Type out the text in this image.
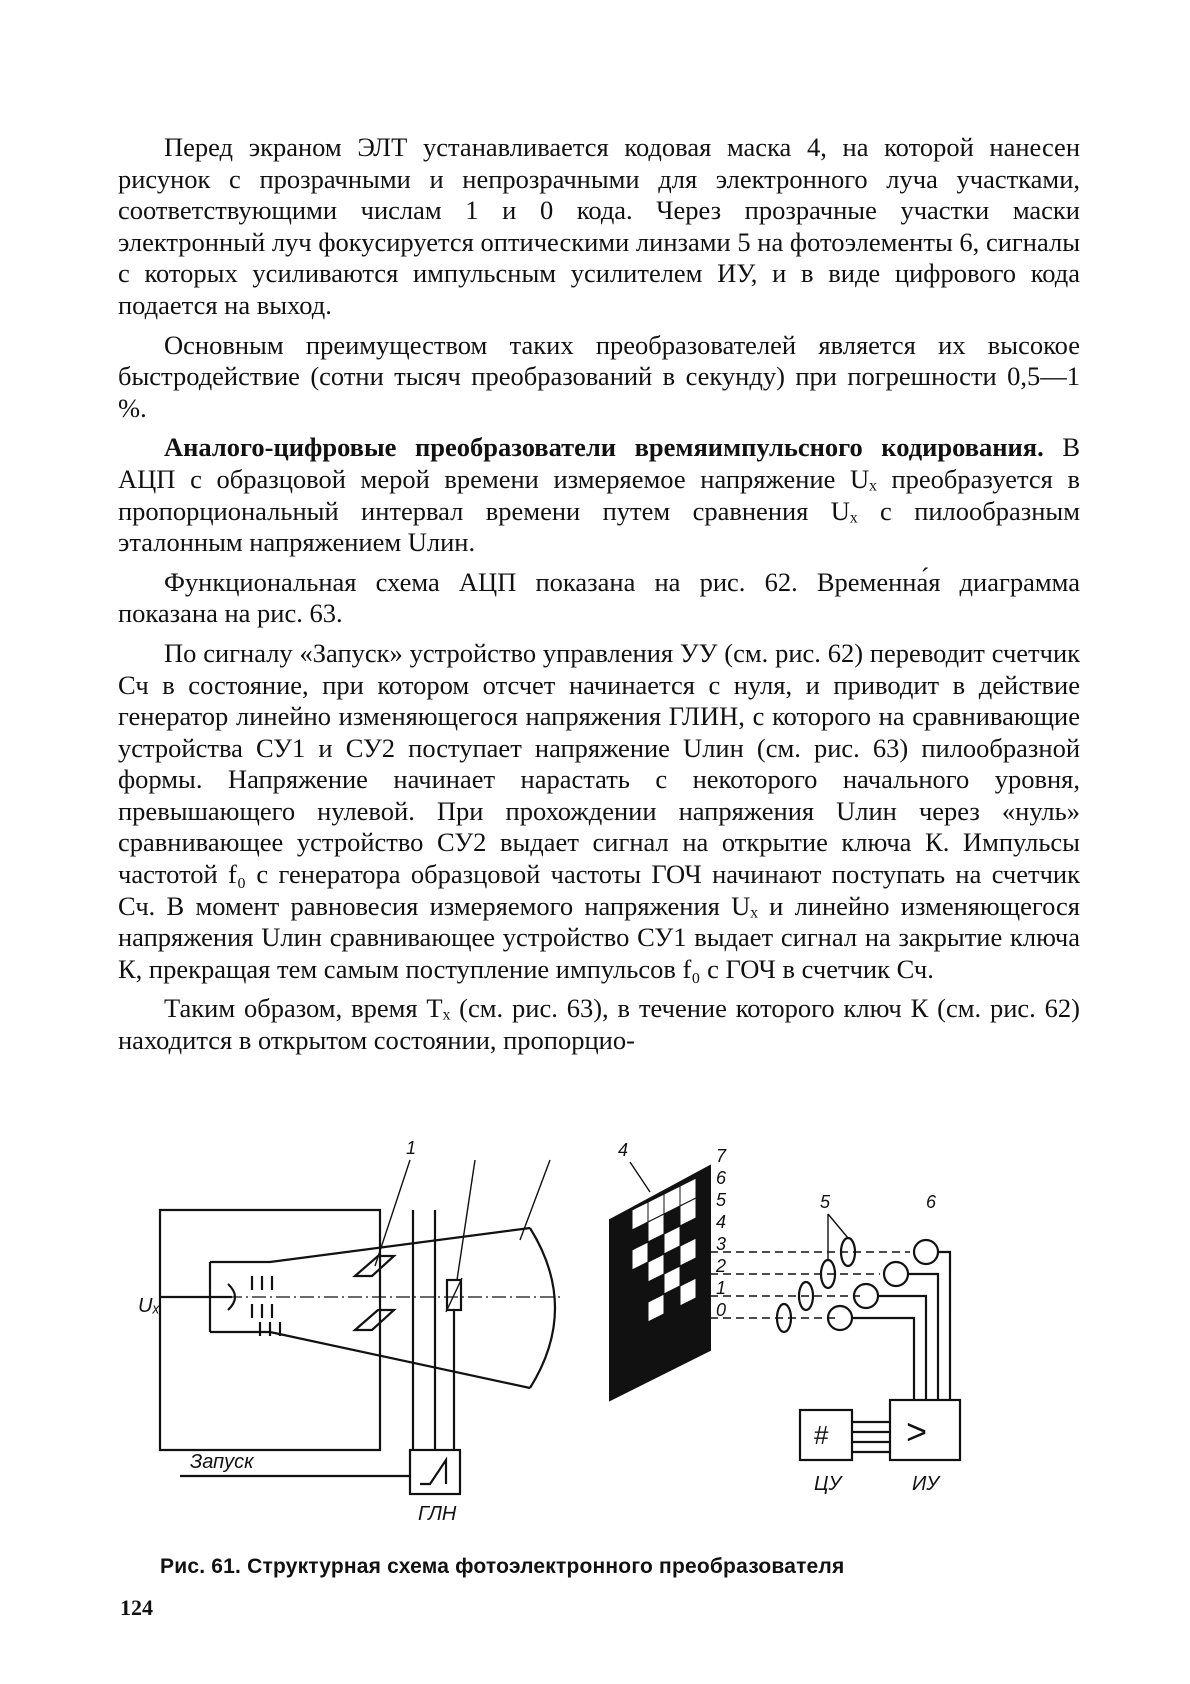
Перед экраном ЭЛТ устанавливается кодовая маска 4, на которой нанесен рисунок с прозрачными и непрозрачными для электронного луча участками, соответствующими числам 1 и 0 кода. Через прозрачные участки маски электронный луч фокусируется оптическими линзами 5 на фотоэлементы 6, сигналы с которых усиливаются импульсным усилителем ИУ, и в виде цифрового кода подается на выход.

Основным преимуществом таких преобразователей является их высокое быстродействие (сотни тысяч преобразований в секунду) при погрешности 0,5—1 %.

Аналого-цифровые преобразователи времяимпульсного кодирования. В АЦП с образцовой мерой времени измеряемое напряжение Uₓ преобразуется в пропорциональный интервал времени путем сравнения Uₓ с пилообразным эталонным напряжением Uлин.

Функциональная схема АЦП показана на рис. 62. Временна́я диаграмма показана на рис. 63.

По сигналу «Запуск» устройство управления УУ (см. рис. 62) переводит счетчик Сч в состояние, при котором отсчет начинается с нуля, и приводит в действие генератор линейно изменяющегося напряжения ГЛИН, с которого на сравнивающие устройства СУ1 и СУ2 поступает напряжение Uлин (см. рис. 63) пилообразной формы. Напряжение начинает нарастать с некоторого начального уровня, превышающего нулевой. При прохождении напряжения Uлин через «нуль» сравнивающее устройство СУ2 выдает сигнал на открытие ключа К. Импульсы частотой f₀ с генератора образцовой частоты ГОЧ начинают поступать на счетчик Сч. В момент равновесия измеряемого напряжения Uₓ и линейно изменяющегося напряжения Uлин сравнивающее устройство СУ1 выдает сигнал на закрытие ключа К, прекращая тем самым поступление импульсов f₀ с ГОЧ в счетчик Сч.

Таким образом, время Tₓ (см. рис. 63), в течение которого ключ К (см. рис. 62) находится в открытом состоянии, пропорцио-

ГЛН
Запуск
Uₓ
1	4	7
6
5
4
3
2
1
0
5	6
>
ИУ
#
ЦУ
Рис. 61. Структурная схема фотоэлектронного преобразователя
124
